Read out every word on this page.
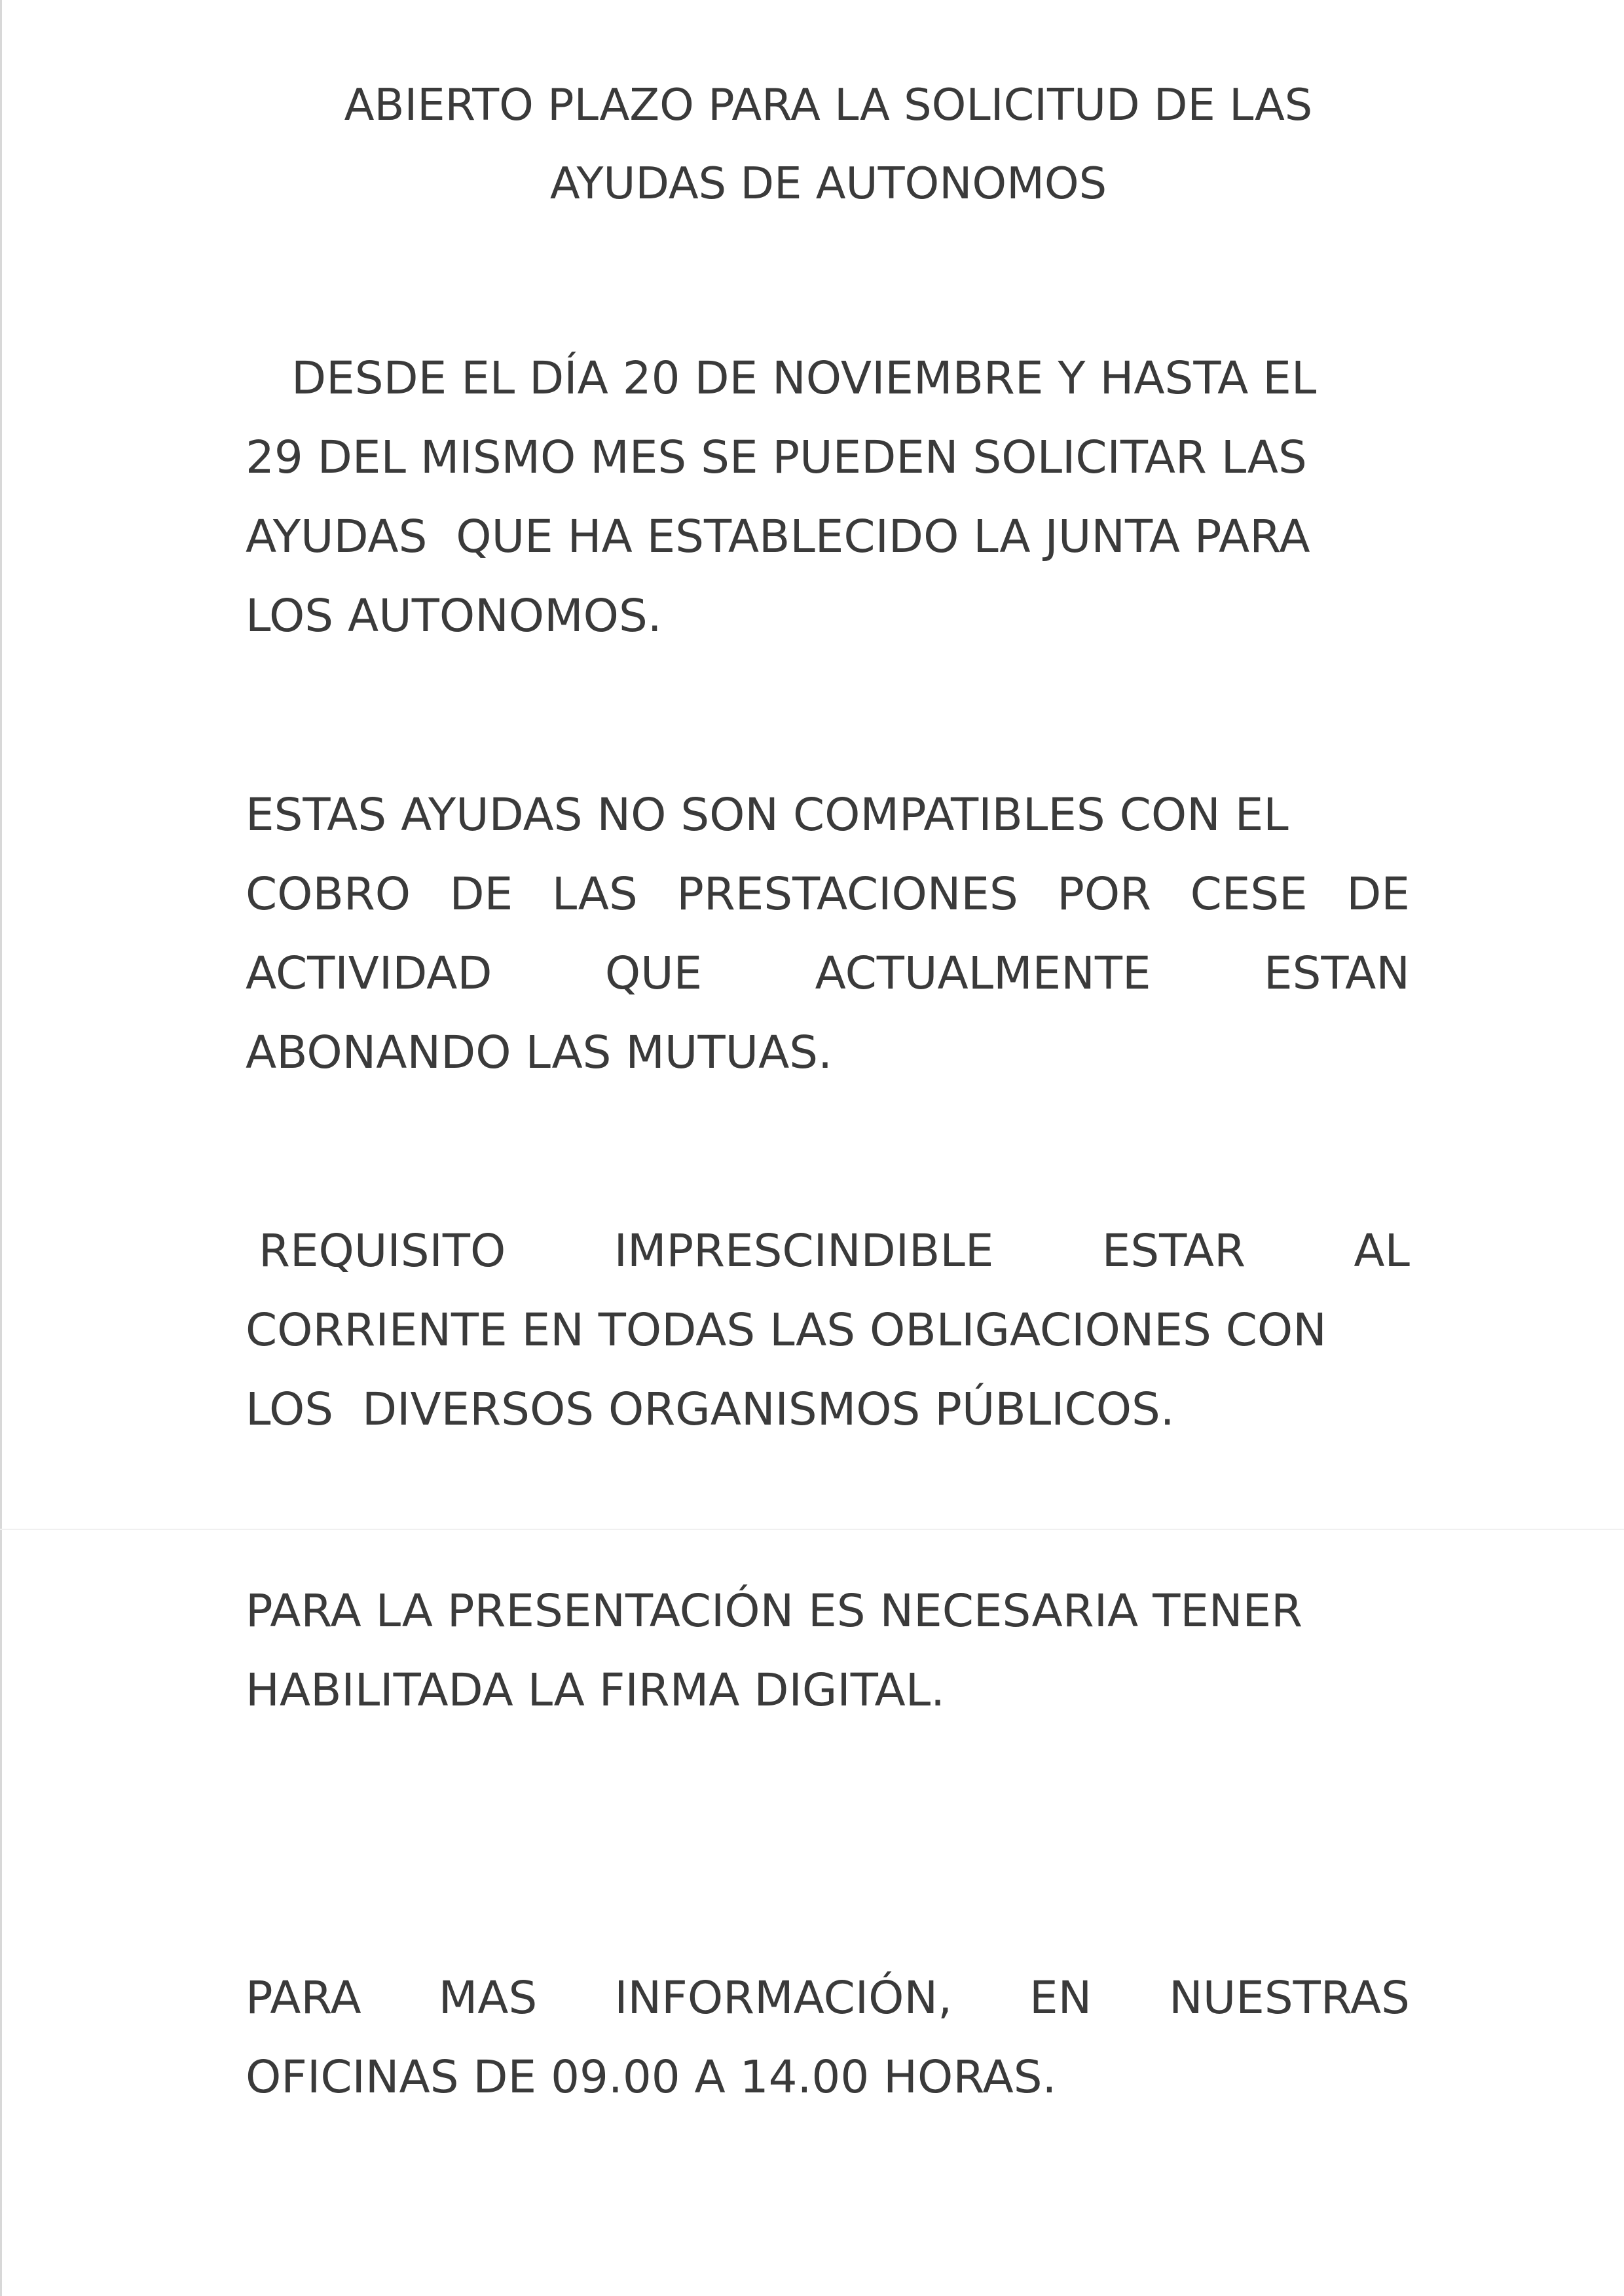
ABIERTO PLAZO PARA LA SOLICITUD DE LAS
AYUDAS DE AUTONOMOS
DESDE EL DÍA 20 DE NOVIEMBRE Y HASTA EL
29 DEL MISMO MES SE PUEDEN SOLICITAR LAS
AYUDAS  QUE HA ESTABLECIDO LA JUNTA PARA
LOS AUTONOMOS.
ESTAS AYUDAS NO SON COMPATIBLES CON EL
COBRO DE LAS PRESTACIONES POR CESE DE
ACTIVIDAD QUE ACTUALMENTE ESTAN
ABONANDO LAS MUTUAS.
REQUISITO IMPRESCINDIBLE ESTAR AL
CORRIENTE EN TODAS LAS OBLIGACIONES CON
LOS  DIVERSOS ORGANISMOS PÚBLICOS.
PARA LA PRESENTACIÓN ES NECESARIA TENER
HABILITADA LA FIRMA DIGITAL.
PARA MAS INFORMACIÓN, EN NUESTRAS
OFICINAS DE 09.00 A 14.00 HORAS.
